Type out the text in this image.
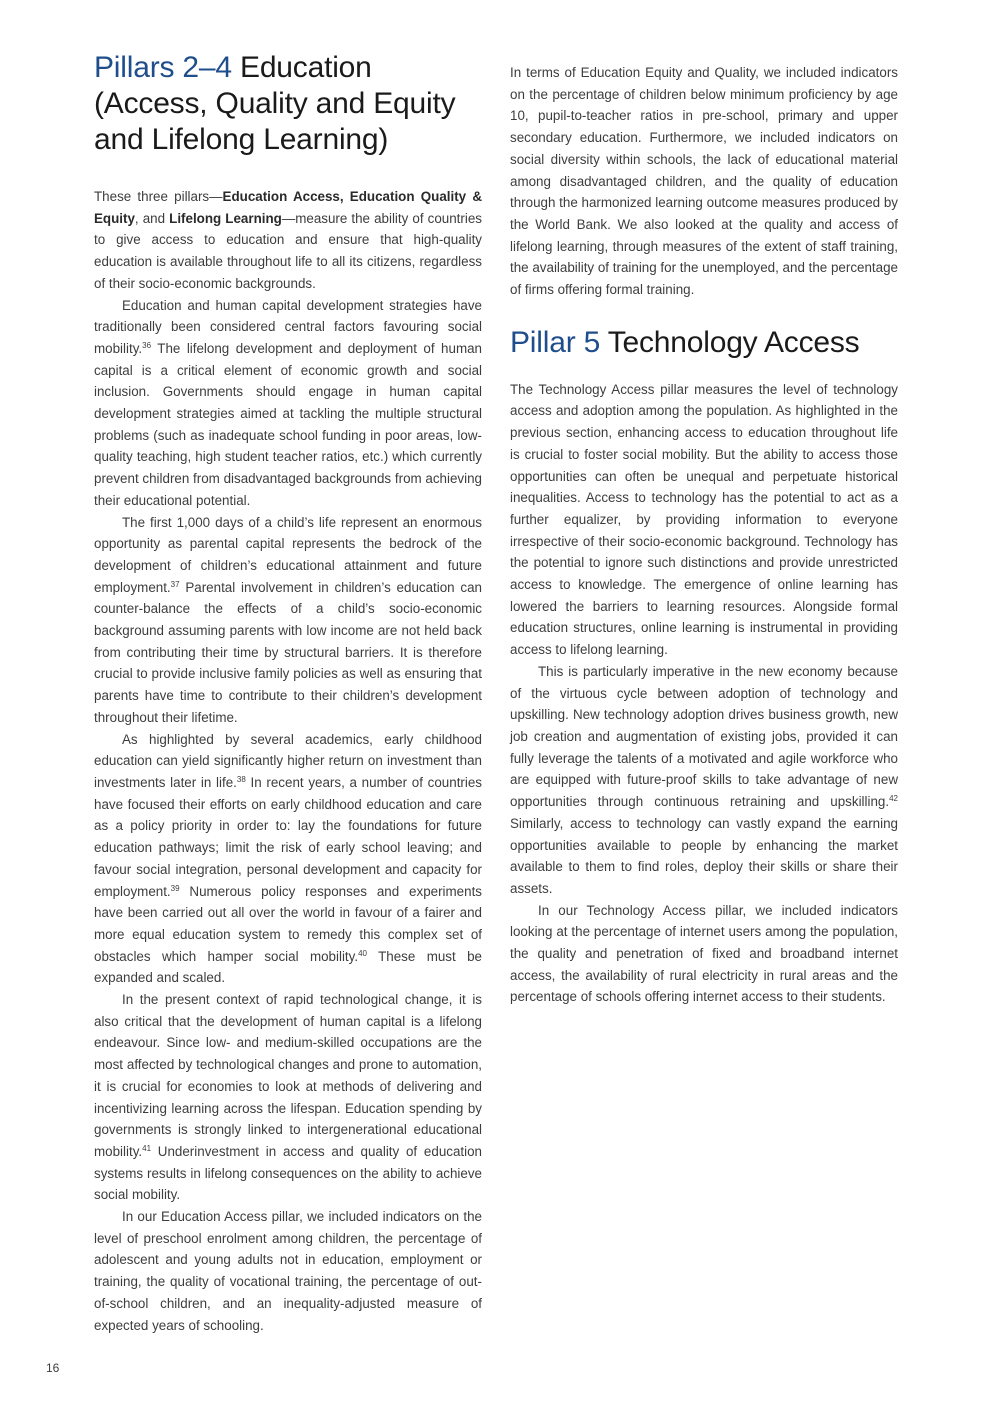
Pillars 2–4 Education
(Access, Quality and Equity and Lifelong Learning)

These three pillars—Education Access, Education Quality & Equity, and Lifelong Learning—measure the ability of countries to give access to education and ensure that high-quality education is available throughout life to all its citizens, regardless of their socio-economic backgrounds.

Education and human capital development strategies have traditionally been considered central factors favouring social mobility.$^{36}$ The lifelong development and deployment of human capital is a critical element of economic growth and social inclusion. Governments should engage in human capital development strategies aimed at tackling the multiple structural problems (such as inadequate school funding in poor areas, low-quality teaching, high student teacher ratios, etc.) which currently prevent children from disadvantaged backgrounds from achieving their educational potential.

The first 1,000 days of a child’s life represent an enormous opportunity as parental capital represents the bedrock of the development of children’s educational attainment and future employment.$^{37}$ Parental involvement in children’s education can counter-balance the effects of a child’s socio-economic background assuming parents with low income are not held back from contributing their time by structural barriers. It is therefore crucial to provide inclusive family policies as well as ensuring that parents have time to contribute to their children’s development throughout their lifetime.

As highlighted by several academics, early childhood education can yield significantly higher return on investment than investments later in life.$^{38}$ In recent years, a number of countries have focused their efforts on early childhood education and care as a policy priority in order to: lay the foundations for future education pathways; limit the risk of early school leaving; and favour social integration, personal development and capacity for employment.$^{39}$ Numerous policy responses and experiments have been carried out all over the world in favour of a fairer and more equal education system to remedy this complex set of obstacles which hamper social mobility.$^{40}$ These must be expanded and scaled.

In the present context of rapid technological change, it is also critical that the development of human capital is a lifelong endeavour. Since low- and medium-skilled occupations are the most affected by technological changes and prone to automation, it is crucial for economies to look at methods of delivering and incentivizing learning across the lifespan. Education spending by governments is strongly linked to intergenerational educational mobility.$^{41}$ Underinvestment in access and quality of education systems results in lifelong consequences on the ability to achieve social mobility.

In our Education Access pillar, we included indicators on the level of preschool enrolment among children, the percentage of adolescent and young adults not in education, employment or training, the quality of vocational training, the percentage of out-of-school children, and an inequality-adjusted measure of expected years of schooling.

In terms of Education Equity and Quality, we included indicators on the percentage of children below minimum proficiency by age 10, pupil-to-teacher ratios in pre-school, primary and upper secondary education. Furthermore, we included indicators on social diversity within schools, the lack of educational material among disadvantaged children, and the quality of education through the harmonized learning outcome measures produced by the World Bank. We also looked at the quality and access of lifelong learning, through measures of the extent of staff training, the availability of training for the unemployed, and the percentage of firms offering formal training.

Pillar 5 Technology Access

The Technology Access pillar measures the level of technology access and adoption among the population. As highlighted in the previous section, enhancing access to education throughout life is crucial to foster social mobility. But the ability to access those opportunities can often be unequal and perpetuate historical inequalities. Access to technology has the potential to act as a further equalizer, by providing information to everyone irrespective of their socio-economic background. Technology has the potential to ignore such distinctions and provide unrestricted access to knowledge. The emergence of online learning has lowered the barriers to learning resources. Alongside formal education structures, online learning is instrumental in providing access to lifelong learning.

This is particularly imperative in the new economy because of the virtuous cycle between adoption of technology and upskilling. New technology adoption drives business growth, new job creation and augmentation of existing jobs, provided it can fully leverage the talents of a motivated and agile workforce who are equipped with future-proof skills to take advantage of new opportunities through continuous retraining and upskilling.$^{42}$ Similarly, access to technology can vastly expand the earning opportunities available to people by enhancing the market available to them to find roles, deploy their skills or share their assets.

In our Technology Access pillar, we included indicators looking at the percentage of internet users among the population, the quality and penetration of fixed and broadband internet access, the availability of rural electricity in rural areas and the percentage of schools offering internet access to their students.

16
